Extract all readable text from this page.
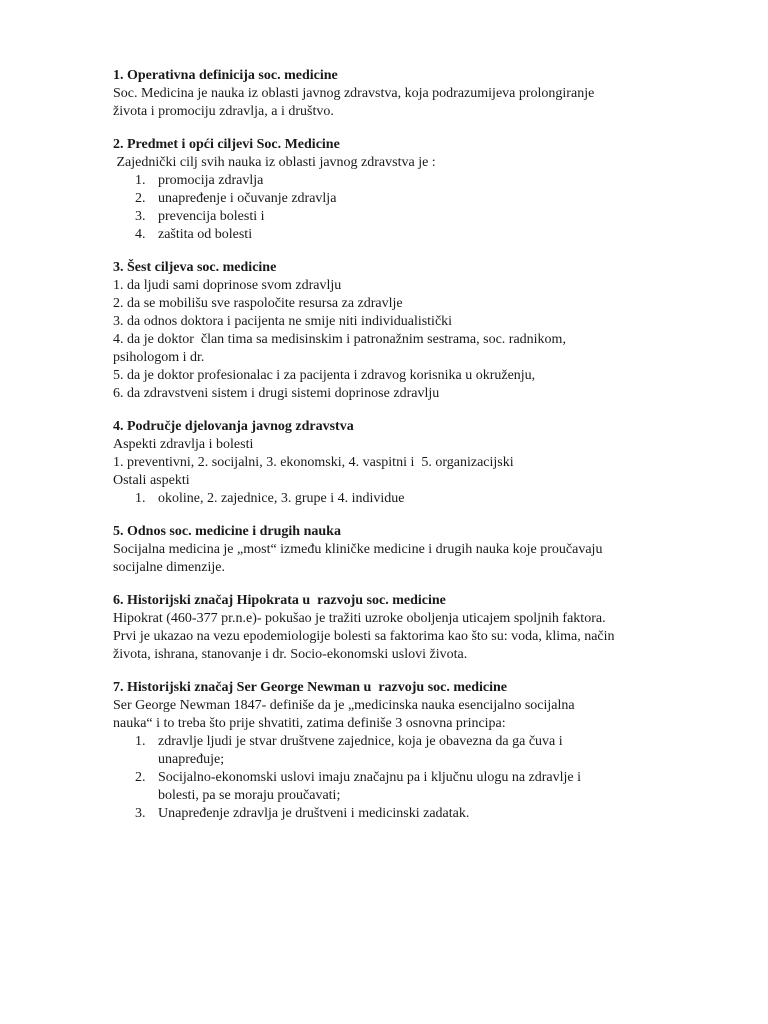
1. Operativna definicija soc. medicine

Soc. Medicina je nauka iz oblasti javnog zdravstva, koja podrazumijeva prolongiranje

života i promociju zdravlja, a i društvo.

2. Predmet i opći ciljevi Soc. Medicine

Zajednički cilj svih nauka iz oblasti javnog zdravstva je :

1. promocija zdravlja
2. unapređenje i očuvanje zdravlja
3. prevencija bolesti i
4. zaštita od bolesti

3. Šest ciljeva soc. medicine

1. da ljudi sami doprinose svom zdravlju

2. da se mobilišu sve raspoločite resursa za zdravlje

3. da odnos doktora i pacijenta ne smije niti individualistički

4. da je doktor  član tima sa medisinskim i patronažnim sestrama, soc. radnikom,

psihologom i dr.

5. da je doktor profesionalac i za pacijenta i zdravog korisnika u okruženju,

6. da zdravstveni sistem i drugi sistemi doprinose zdravlju

4. Područje djelovanja javnog zdravstva

Aspekti zdravlja i bolesti

1. preventivni, 2. socijalni, 3. ekonomski, 4. vaspitni i  5. organizacijski

Ostali aspekti

1. okoline, 2. zajednice, 3. grupe i 4. individue

5. Odnos soc. medicine i drugih nauka

Socijalna medicina je „most“ između kliničke medicine i drugih nauka koje proučavaju

socijalne dimenzije.

6. Historijski značaj Hipokrata u  razvoju soc. medicine

Hipokrat (460-377 pr.n.e)- pokušao je tražiti uzroke oboljenja uticajem spoljnih faktora.

Prvi je ukazao na vezu epodemiologije bolesti sa faktorima kao što su: voda, klima, način

života, ishrana, stanovanje i dr. Socio-ekonomski uslovi života.

7. Historijski značaj Ser George Newman u  razvoju soc. medicine

Ser George Newman 1847- definiše da je „medicinska nauka esencijalno socijalna

nauka“ i to treba što prije shvatiti, zatima definiše 3 osnovna principa:

1. zdravlje ljudi je stvar društvene zajednice, koja je obavezna da ga čuva i
unapređuje;
2. Socijalno-ekonomski uslovi imaju značajnu pa i ključnu ulogu na zdravlje i
bolesti, pa se moraju proučavati;
3. Unapređenje zdravlja je društveni i medicinski zadatak.
